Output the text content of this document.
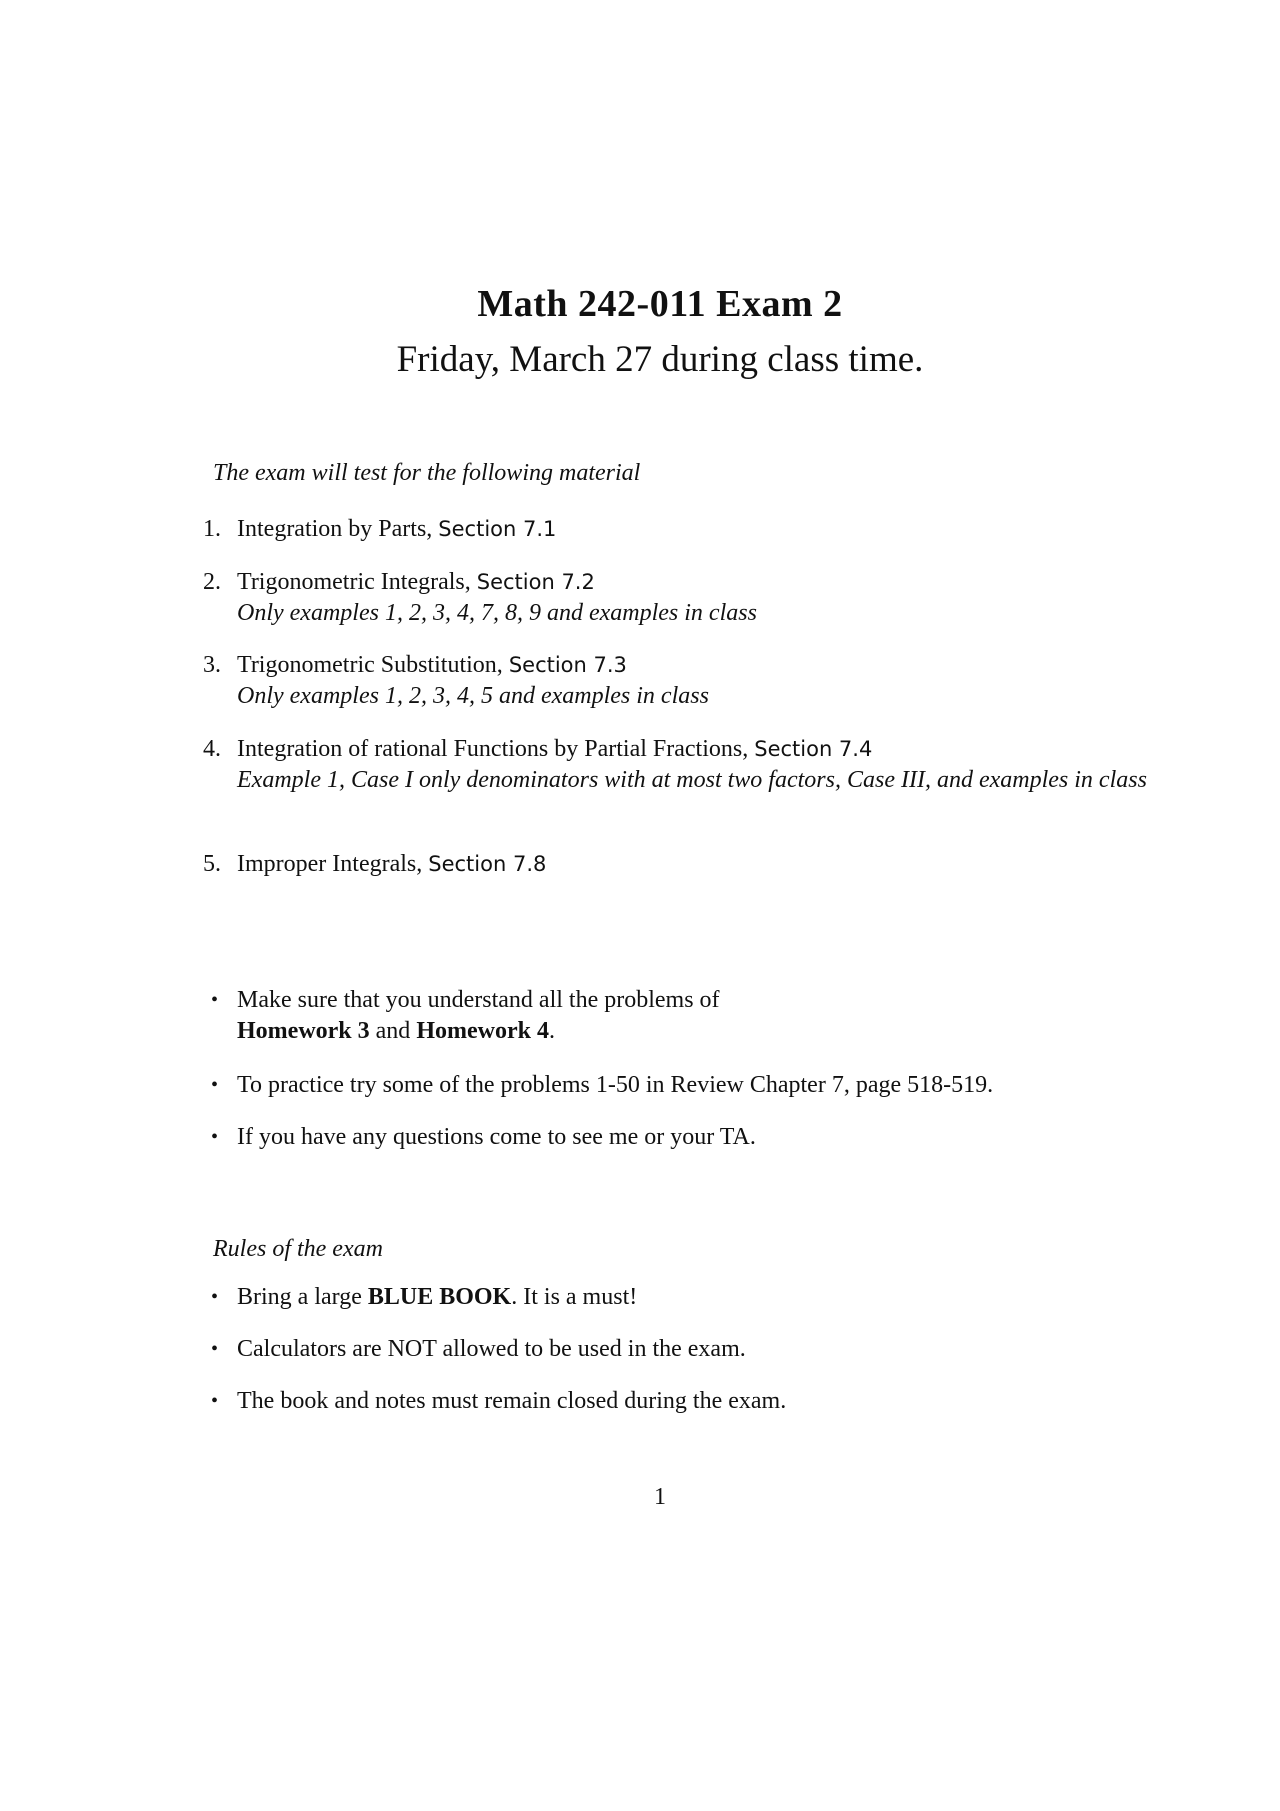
Math 242-011 Exam 2
Friday, March 27 during class time.
The exam will test for the following material
1. Integration by Parts, Section 7.1
2. Trigonometric Integrals, Section 7.2
Only examples 1, 2, 3, 4, 7, 8, 9 and examples in class
3. Trigonometric Substitution, Section 7.3
Only examples 1, 2, 3, 4, 5 and examples in class
4. Integration of rational Functions by Partial Fractions, Section 7.4
Example 1, Case I only denominators with at most two factors, Case III, and examples in class
5. Improper Integrals, Section 7.8
• Make sure that you understand all the problems of
Homework 3 and Homework 4.
• To practice try some of the problems 1-50 in Review Chapter 7, page 518-519.
• If you have any questions come to see me or your TA.
Rules of the exam
• Bring a large BLUE BOOK. It is a must!
• Calculators are NOT allowed to be used in the exam.
• The book and notes must remain closed during the exam.
1
